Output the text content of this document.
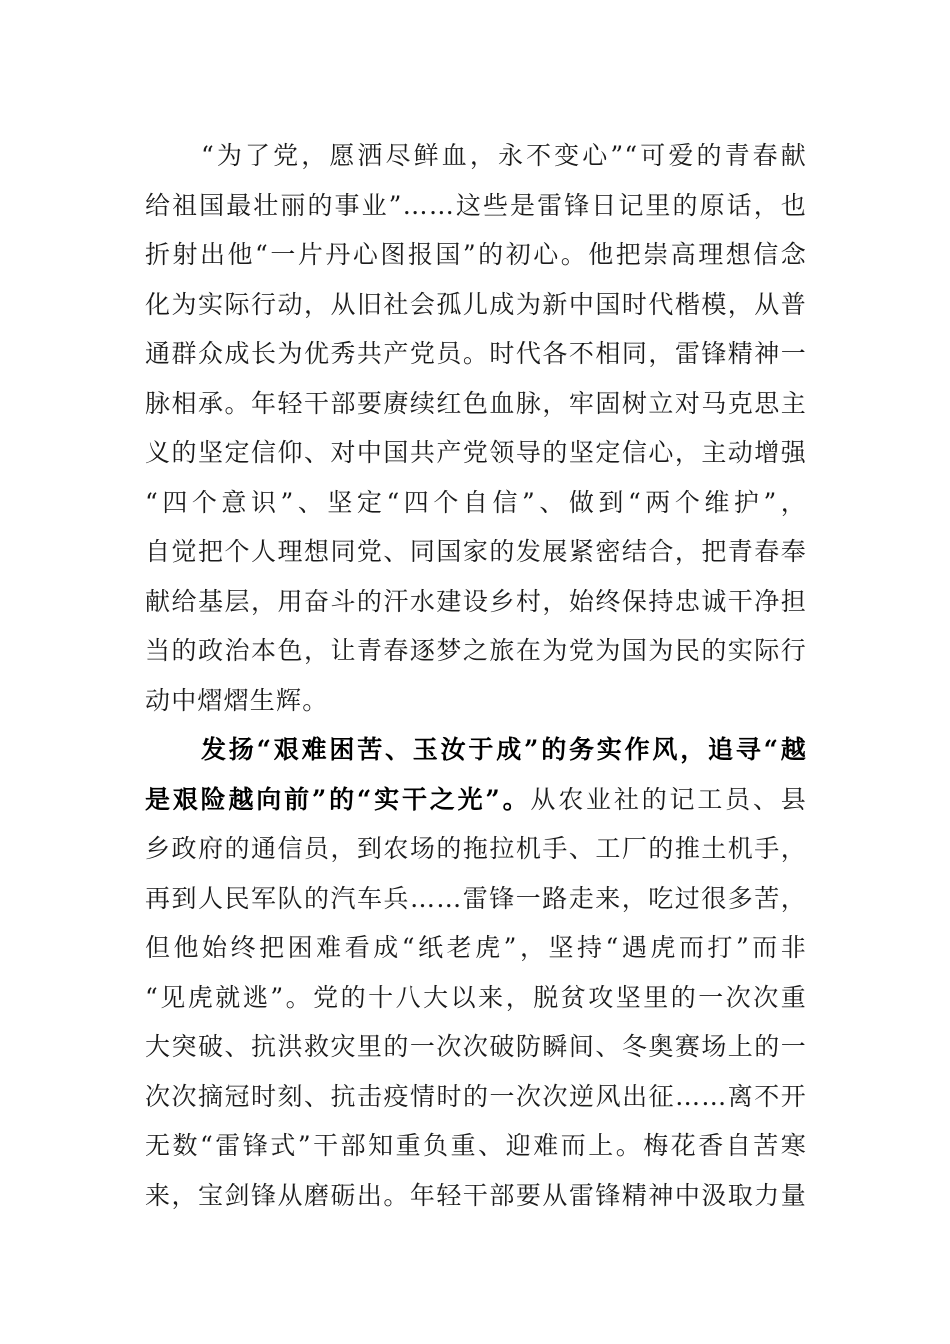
“为了党，愿洒尽鲜血，永不变心”“可爱的青春献
给祖国最壮丽的事业”……这些是雷锋日记里的原话，也
折射出他“一片丹心图报国”的初心。他把崇高理想信念
化为实际行动，从旧社会孤儿成为新中国时代楷模，从普
通群众成长为优秀共产党员。时代各不相同，雷锋精神一
脉相承。年轻干部要赓续红色血脉，牢固树立对马克思主
义的坚定信仰、对中国共产党领导的坚定信心，主动增强
“四个意识”、坚定“四个自信”、做到“两个维护”，
自觉把个人理想同党、同国家的发展紧密结合，把青春奉
献给基层，用奋斗的汗水建设乡村，始终保持忠诚干净担
当的政治本色，让青春逐梦之旅在为党为国为民的实际行
动中熠熠生辉。
发扬“艰难困苦、玉汝于成”的务实作风，追寻“越
是艰险越向前”的“实干之光”。从农业社的记工员、县
乡政府的通信员，到农场的拖拉机手、工厂的推土机手，
再到人民军队的汽车兵……雷锋一路走来，吃过很多苦，
但他始终把困难看成“纸老虎”，坚持“遇虎而打”而非
“见虎就逃”。党的十八大以来，脱贫攻坚里的一次次重
大突破、抗洪救灾里的一次次破防瞬间、冬奥赛场上的一
次次摘冠时刻、抗击疫情时的一次次逆风出征……离不开
无数“雷锋式”干部知重负重、迎难而上。梅花香自苦寒
来，宝剑锋从磨砺出。年轻干部要从雷锋精神中汲取力量
